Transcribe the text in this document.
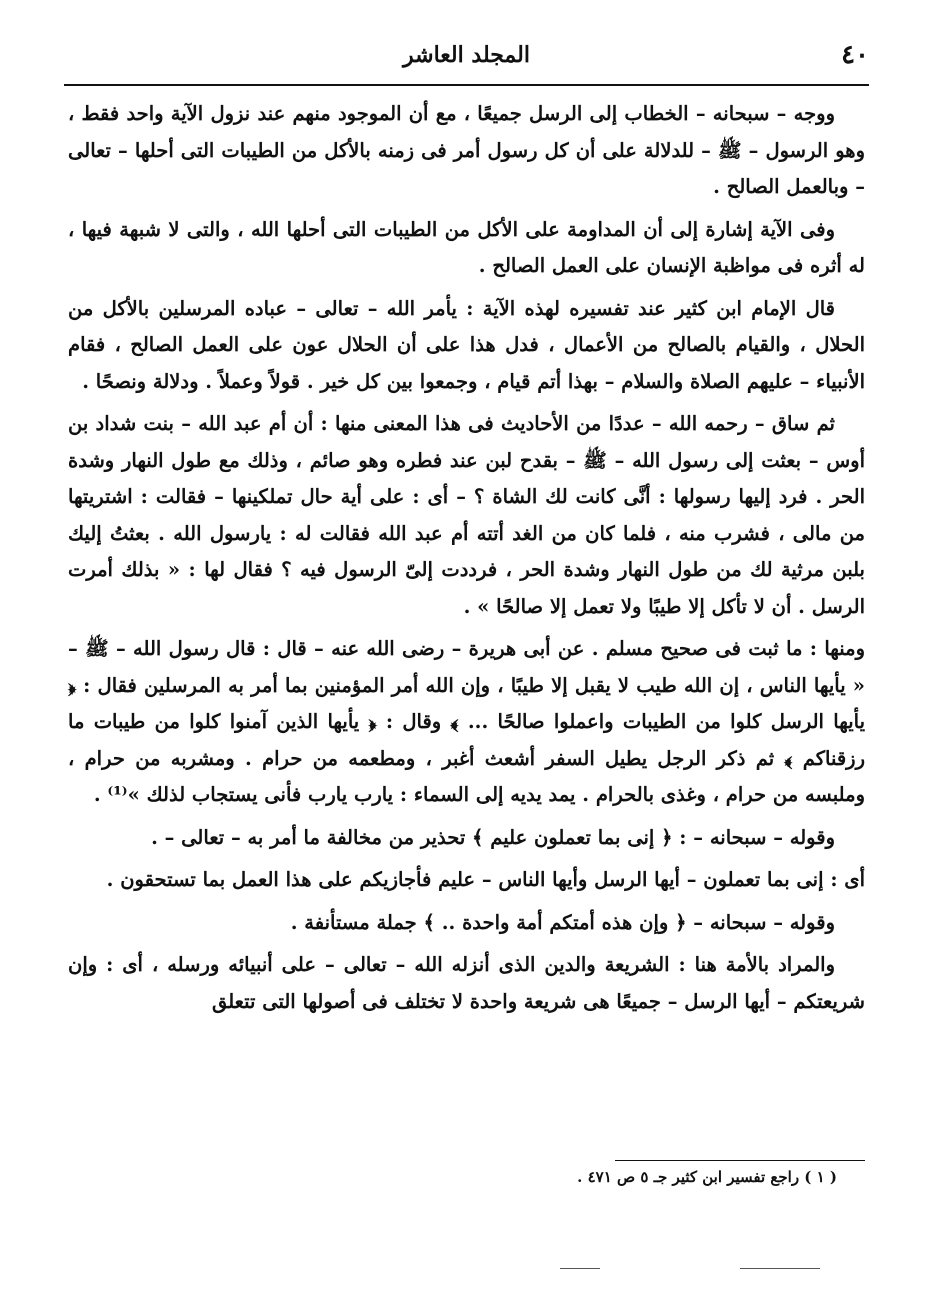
٤٠
المجلد العاشر

ووجه – سبحانه – الخطاب إلى الرسل جميعًا ، مع أن الموجود منهم عند نزول الآية واحد فقط ، وهو الرسول – ﷺ – للدلالة على أن كل رسول أمر فى زمنه بالأكل من الطيبات التى أحلها – تعالى – وبالعمل الصالح .

وفى الآية إشارة إلى أن المداومة على الأكل من الطيبات التى أحلها الله ، والتى لا شبهة فيها ، له أثره فى مواظبة الإنسان على العمل الصالح .

قال الإمام ابن كثير عند تفسيره لهذه الآية : يأمر الله – تعالى – عباده المرسلين بالأكل من الحلال ، والقيام بالصالح من الأعمال ، فدل هذا على أن الحلال عون على العمل الصالح ، فقام الأنبياء – عليهم الصلاة والسلام – بهذا أتم قيام ، وجمعوا بين كل خير . قولاً وعملاً . ودلالة ونصحًا .

ثم ساق – رحمه الله – عددًا من الأحاديث فى هذا المعنى منها : أن أم عبد الله – بنت شداد بن أوس – بعثت إلى رسول الله – ﷺ – بقدح لبن عند فطره وهو صائم ، وذلك مع طول النهار وشدة الحر . فرد إليها رسولها : أنَّى كانت لك الشاة ؟ – أى : على أية حال تملكينها – فقالت : اشتريتها من مالى ، فشرب منه ، فلما كان من الغد أتته أم عبد الله فقالت له : يارسول الله . بعثتُ إليك بلبن مرثية لك من طول النهار وشدة الحر ، فرددت إلىّ الرسول فيه ؟ فقال لها : « بذلك أمرت الرسل . أن لا تأكل إلا طيبًا ولا تعمل إلا صالحًا » .

ومنها : ما ثبت فى صحيح مسلم . عن أبى هريرة – رضى الله عنه – قال : قال رسول الله – ﷺ – « يأيها الناس ، إن الله طيب لا يقبل إلا طيبًا ، وإن الله أمر المؤمنين بما أمر به المرسلين فقال : ﴿ يأيها الرسل كلوا من الطيبات واعملوا صالحًا ... ﴾ وقال : ﴿ يأيها الذين آمنوا كلوا من طيبات ما رزقناكم ﴾ ثم ذكر الرجل يطيل السفر أشعث أغبر ، ومطعمه من حرام . ومشربه من حرام ، وملبسه من حرام ، وغذى بالحرام . يمد يديه إلى السماء : يارب يارب فأنى يستجاب لذلك »⁽¹⁾ .

وقوله – سبحانه – : ﴿ إنى بما تعملون عليم ﴾ تحذير من مخالفة ما أمر به – تعالى – .

أى : إنى بما تعملون – أيها الرسل وأيها الناس – عليم فأجازيكم على هذا العمل بما تستحقون .

وقوله – سبحانه – ﴿ وإن هذه أمتكم أمة واحدة .. ﴾ جملة مستأنفة .

والمراد بالأمة هنا : الشريعة والدين الذى أنزله الله – تعالى – على أنبيائه ورسله ، أى : وإن شريعتكم – أيها الرسل – جميعًا هى شريعة واحدة لا تختلف فى أصولها التى تتعلق

( ١ ) راجع تفسير ابن كثير جـ ٥ ص ٤٧١ .
